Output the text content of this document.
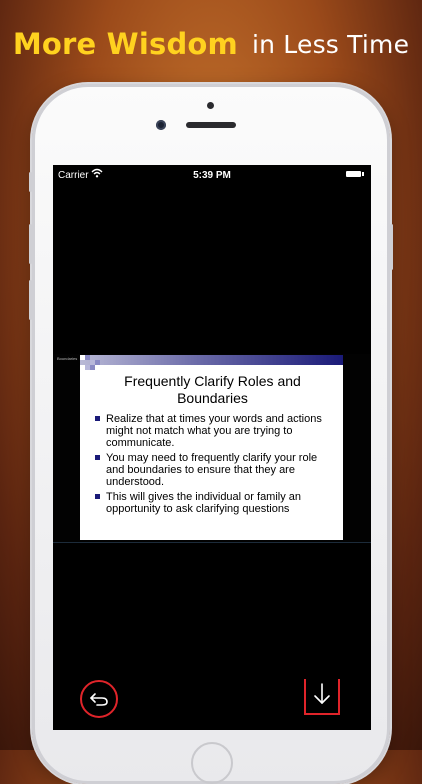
More Wisdom in Less Time
Carrier	5:39 PM
Boundaries
Frequently Clarify Roles and Boundaries
Realize that at times your words and actions might not match what you are trying to communicate.
You may need to frequently clarify your role and boundaries to ensure that they are understood.
This will gives the individual or family an opportunity to ask clarifying questions
